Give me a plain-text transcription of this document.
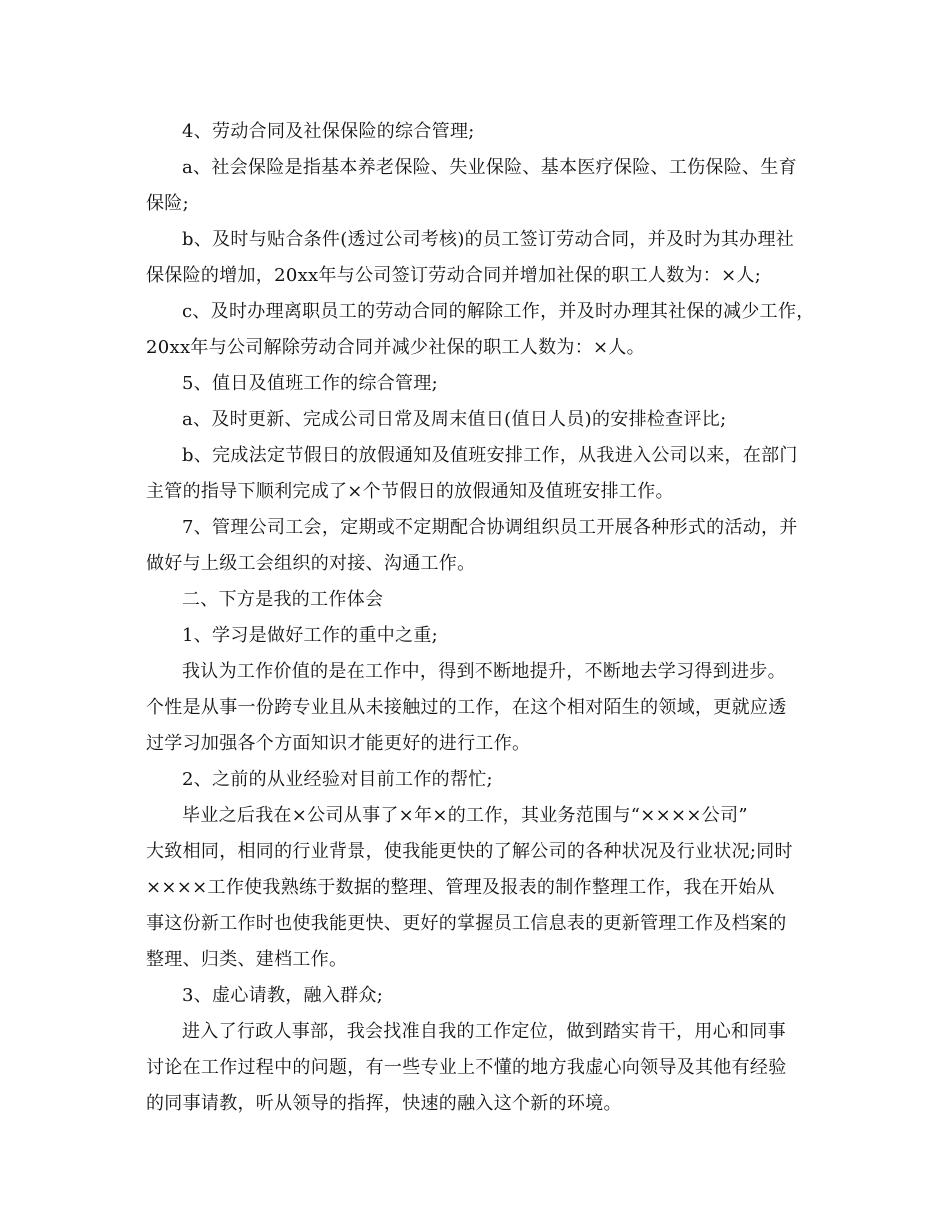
4、劳动合同及社保保险的综合管理;

a、社会保险是指基本养老保险、失业保险、基本医疗保险、工伤保险、生育

保险;

b、及时与贴合条件(透过公司考核)的员工签订劳动合同，并及时为其办理社

保保险的增加，20xx年与公司签订劳动合同并增加社保的职工人数为：×人;

c、及时办理离职员工的劳动合同的解除工作，并及时办理其社保的减少工作，

20xx年与公司解除劳动合同并减少社保的职工人数为：×人。

5、值日及值班工作的综合管理;

a、及时更新、完成公司日常及周末值日(值日人员)的安排检查评比;

b、完成法定节假日的放假通知及值班安排工作，从我进入公司以来，在部门

主管的指导下顺利完成了×个节假日的放假通知及值班安排工作。

7、管理公司工会，定期或不定期配合协调组织员工开展各种形式的活动，并

做好与上级工会组织的对接、沟通工作。

二、下方是我的工作体会

1、学习是做好工作的重中之重;

我认为工作价值的是在工作中，得到不断地提升，不断地去学习得到进步。

个性是从事一份跨专业且从未接触过的工作，在这个相对陌生的领域，更就应透

过学习加强各个方面知识才能更好的进行工作。

2、之前的从业经验对目前工作的帮忙;

毕业之后我在×公司从事了×年×的工作，其业务范围与“××××公司”

大致相同，相同的行业背景，使我能更快的了解公司的各种状况及行业状况;同时

××××工作使我熟练于数据的整理、管理及报表的制作整理工作，我在开始从

事这份新工作时也使我能更快、更好的掌握员工信息表的更新管理工作及档案的

整理、归类、建档工作。

3、虚心请教，融入群众;

进入了行政人事部，我会找准自我的工作定位，做到踏实肯干，用心和同事

讨论在工作过程中的问题，有一些专业上不懂的地方我虚心向领导及其他有经验

的同事请教，听从领导的指挥，快速的融入这个新的环境。
